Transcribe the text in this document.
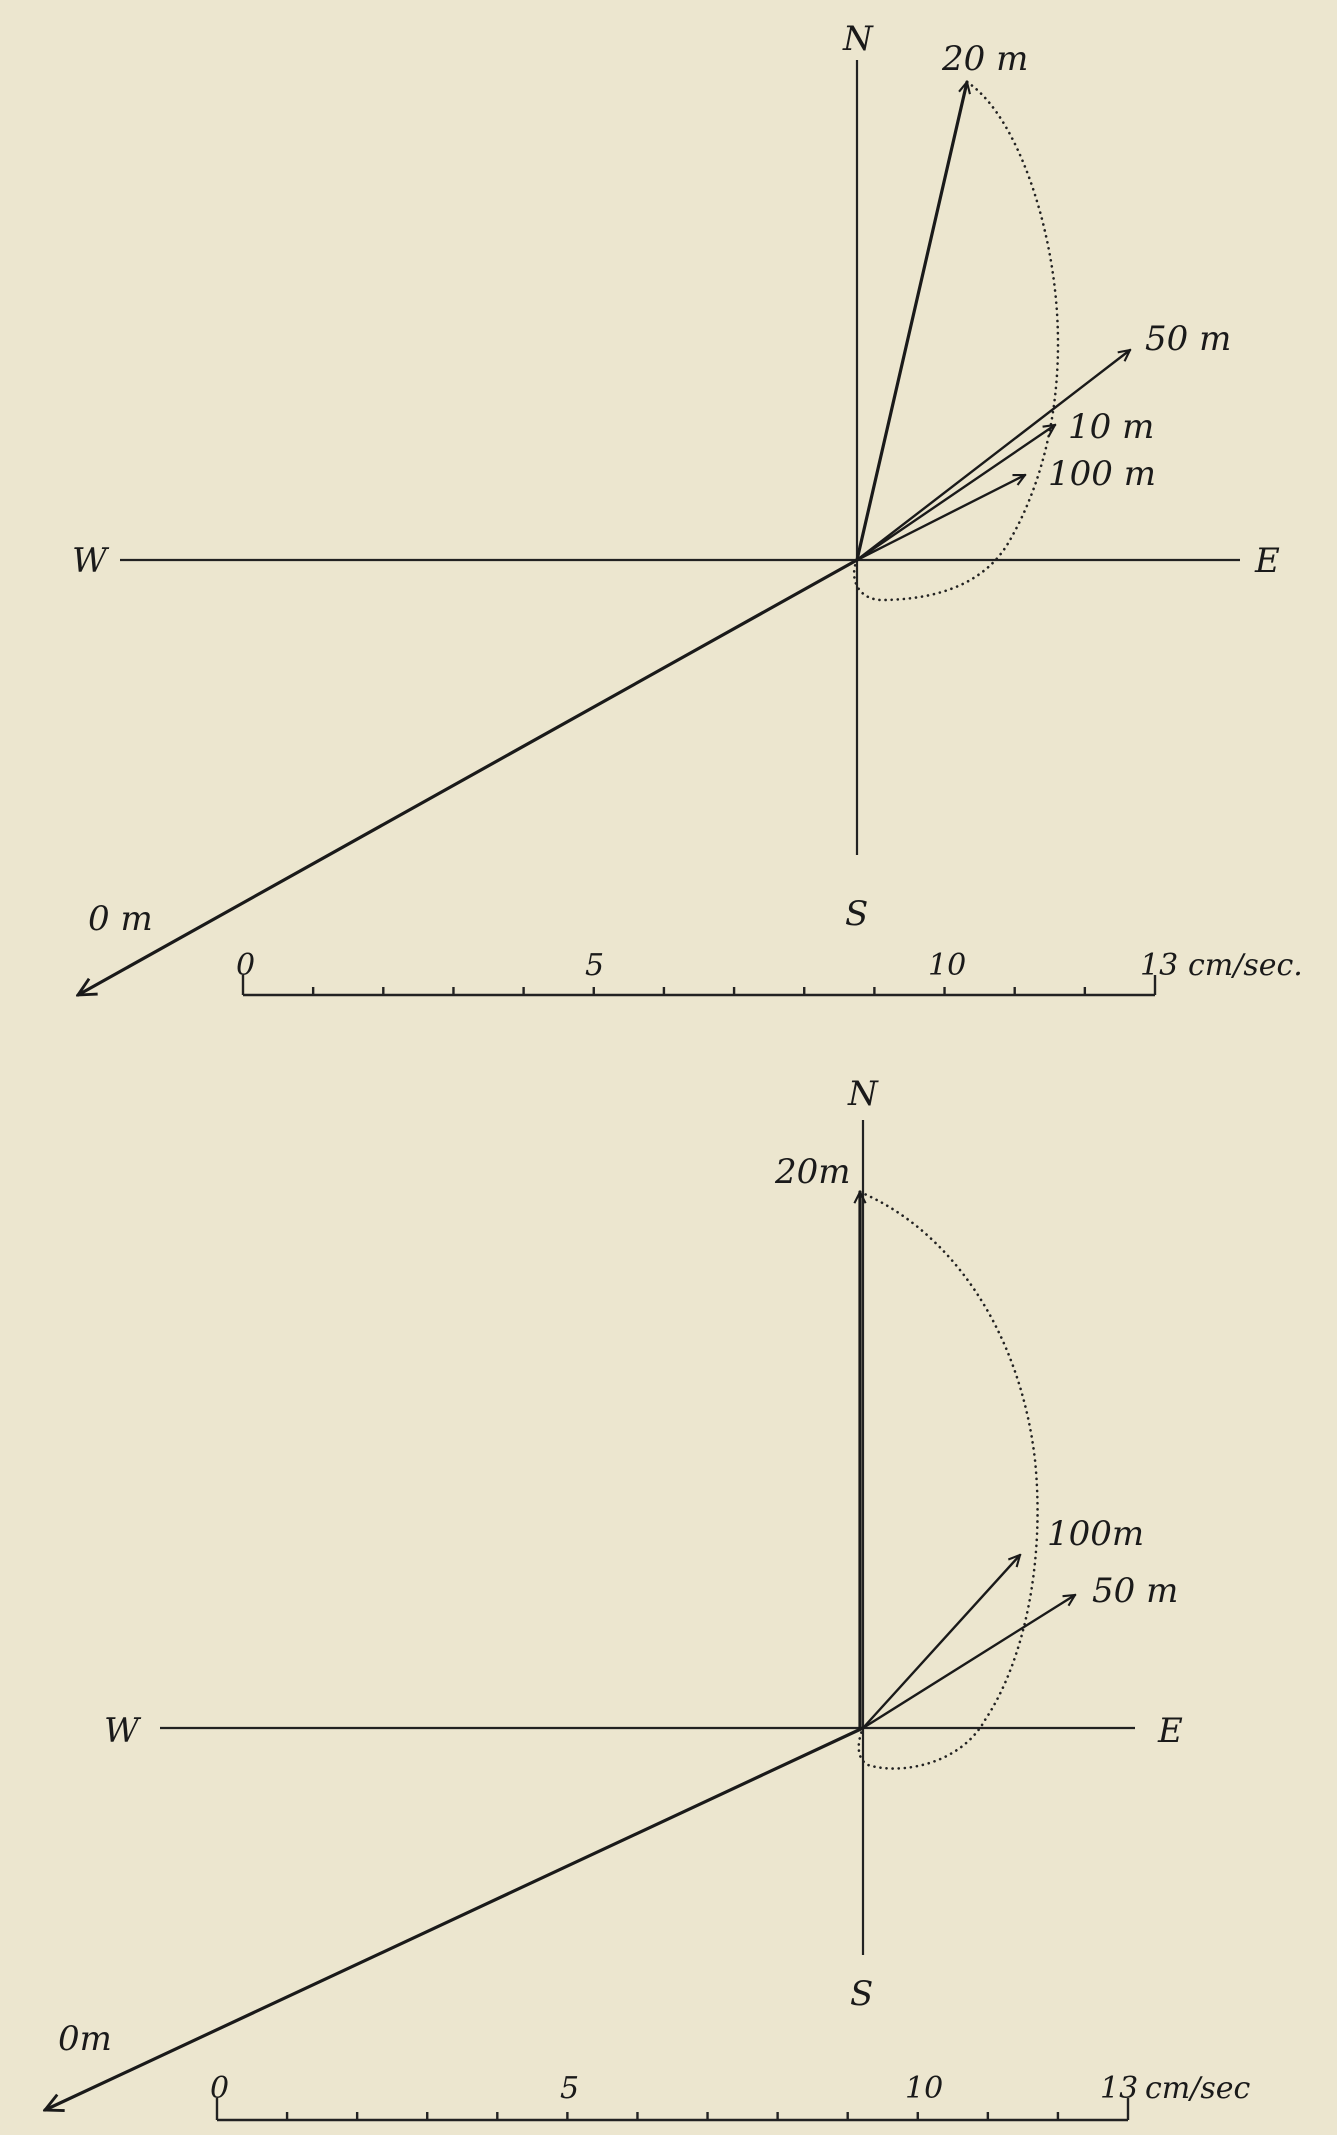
N
S
E
W
0 m
10 m
20 m
50 m
100 m
0	5	10	13 cm/sec.
N
S
E
W
0m
20m
50 m
100m
0	5	10	13 cm/sec
